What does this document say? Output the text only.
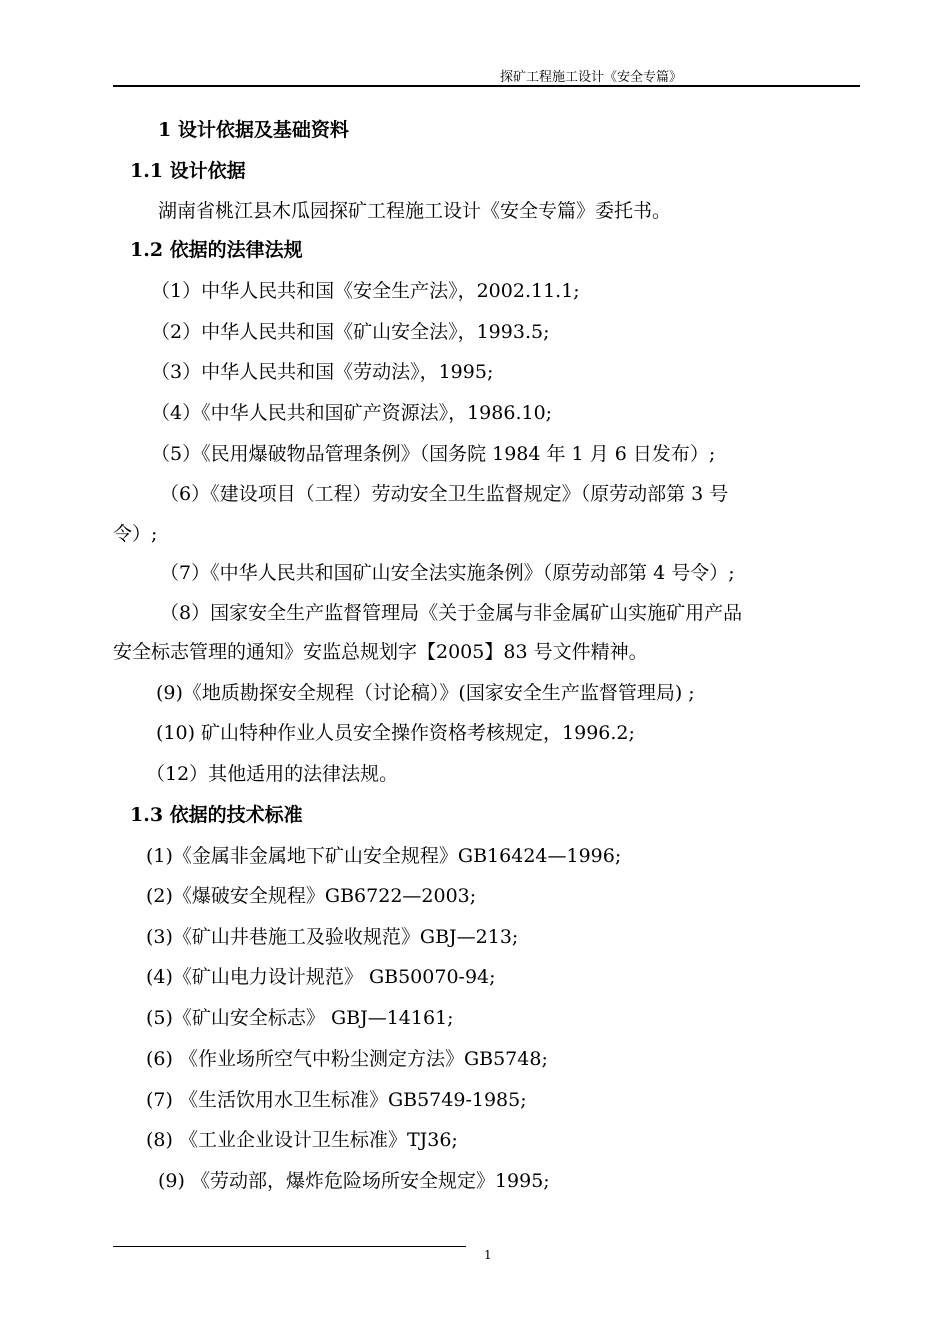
探矿工程施工设计《安全专篇》
1 设计依据及基础资料
1.1 设计依据
湖南省桃江县木瓜园探矿工程施工设计《安全专篇》委托书。
1.2 依据的法律法规
（1）中华人民共和国《安全生产法》，2002.11.1;
（2）中华人民共和国《矿山安全法》，1993.5;
（3）中华人民共和国《劳动法》，1995;
（4）《中华人民共和国矿产资源法》，1986.10;
（5）《民用爆破物品管理条例》（国务院 1984 年 1 月 6 日发布）;
（6）《建设项目（工程）劳动安全卫生监督规定》（原劳动部第 3 号
令）;
（7）《中华人民共和国矿山安全法实施条例》（原劳动部第 4 号令）;
（8）国家安全生产监督管理局《关于金属与非金属矿山实施矿用产品
安全标志管理的通知》安监总规划字【2005】83 号文件精神。
(9)《地质勘探安全规程（讨论稿）》(国家安全生产监督管理局) ;
(10) 矿山特种作业人员安全操作资格考核规定，1996.2;
（12）其他适用的法律法规。
1.3 依据的技术标准
(1)《金属非金属地下矿山安全规程》GB16424—1996;
(2)《爆破安全规程》GB6722—2003;
(3)《矿山井巷施工及验收规范》GBJ—213;
(4)《矿山电力设计规范》 GB50070-94;
(5)《矿山安全标志》 GBJ—14161;
(6) 《作业场所空气中粉尘测定方法》GB5748;
(7) 《生活饮用水卫生标准》GB5749-1985;
(8) 《工业企业设计卫生标准》TJ36;
(9) 《劳动部，爆炸危险场所安全规定》1995;
1
